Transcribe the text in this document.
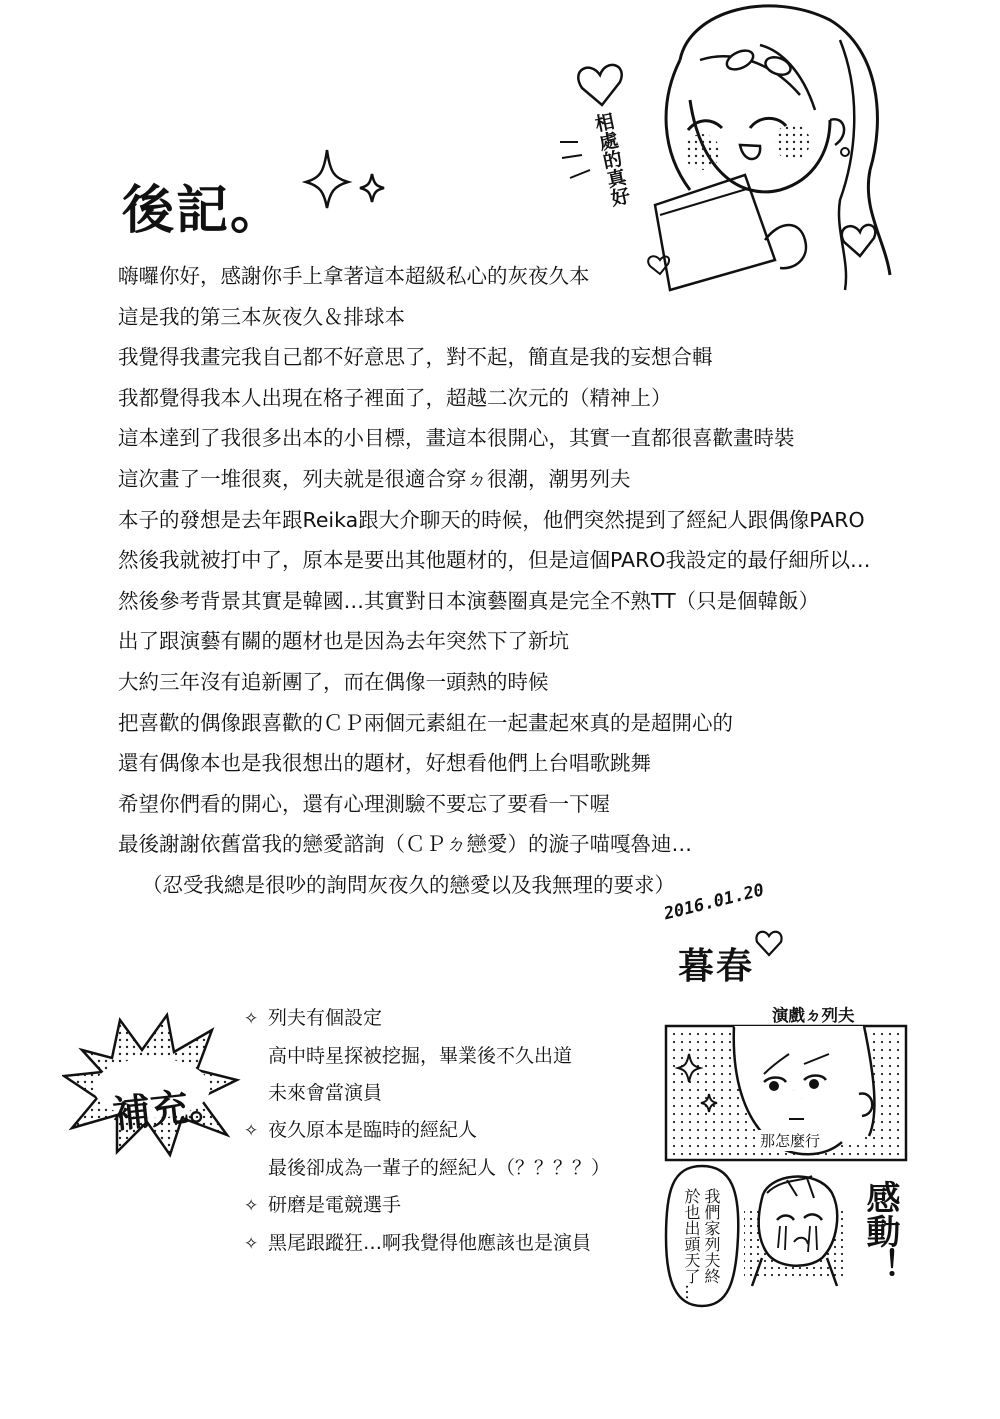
相處的真好
後記。
嗨囉你好，感謝你手上拿著這本超級私心的灰夜久本
這是我的第三本灰夜久＆排球本
我覺得我畫完我自己都不好意思了，對不起，簡直是我的妄想合輯
我都覺得我本人出現在格子裡面了，超越二次元的（精神上）
這本達到了我很多出本的小目標，畫這本很開心，其實一直都很喜歡畫時裝
這次畫了一堆很爽，列夫就是很適合穿ㄉ很潮，潮男列夫
本子的發想是去年跟Reika跟大介聊天的時候，他們突然提到了經紀人跟偶像PARO
然後我就被打中了，原本是要出其他題材的，但是這個PARO我設定的最仔細所以…
然後參考背景其實是韓國…其實對日本演藝圈真是完全不熟TT（只是個韓飯）
出了跟演藝有關的題材也是因為去年突然下了新坑
大約三年沒有追新團了，而在偶像一頭熱的時候
把喜歡的偶像跟喜歡的ＣＰ兩個元素組在一起畫起來真的是超開心的
還有偶像本也是我很想出的題材，好想看他們上台唱歌跳舞
希望你們看的開心，還有心理測驗不要忘了要看一下喔
最後謝謝依舊當我的戀愛諮詢（ＣＰㄉ戀愛）的漩子喵嘎魯迪…
（忍受我總是很吵的詢問灰夜久的戀愛以及我無理的要求）
2016.01.20
暮春
補充。
✧ 列夫有個設定
高中時星探被挖掘，畢業後不久出道
未來會當演員
✧ 夜久原本是臨時的經紀人
最後卻成為一輩子的經紀人（？？？？）
✧ 研磨是電競選手
✧ 黑尾跟蹤狂…啊我覺得他應該也是演員
演戲ㄉ列夫
那怎麼行
我們家列夫終
於也出頭天了…	感動！
